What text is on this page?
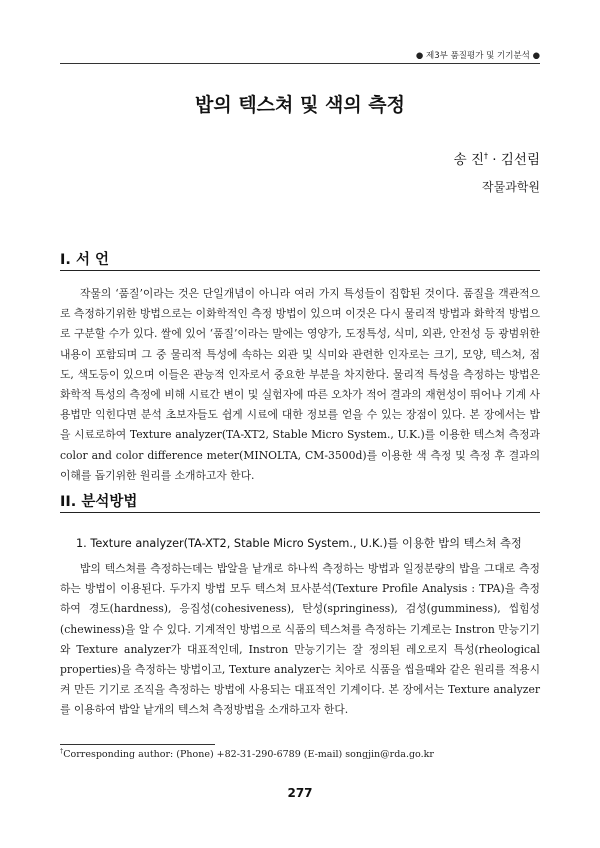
● 제3부 품질평가 및 기기분석 ●
밥의 텍스쳐 및 색의 측정
송 진† · 김선림
작물과학원
I. 서 언
작물의 ‘품질’이라는 것은 단일개념이 아니라 여러 가지 특성들이 집합된 것이다. 품질을 객관적으로 측정하기위한 방법으로는 이화학적인 측정 방법이 있으며 이것은 다시 물리적 방법과 화학적 방법으로 구분할 수가 있다. 쌀에 있어 ‘품질’이라는 말에는 영양가, 도정특성, 식미, 외관, 안전성 등 광범위한 내용이 포함되며 그 중 물리적 특성에 속하는 외관 및 식미와 관련한 인자로는 크기, 모양, 텍스쳐, 점도, 색도등이 있으며 이들은 관능적 인자로서 중요한 부분을 차지한다. 물리적 특성을 측정하는 방법은 화학적 특성의 측정에 비해 시료간 변이 및 실험자에 따른 오차가 적어 결과의 재현성이 뛰어나 기계 사용법만 익힌다면 분석 초보자들도 쉽게 시료에 대한 정보를 얻을 수 있는 장점이 있다. 본 장에서는 밥을 시료로하여 Texture analyzer(TA-XT2, Stable Micro System., U.K.)를 이용한 텍스쳐 측정과 color and color difference meter(MINOLTA, CM-3500d)를 이용한 색 측정 및 측정 후 결과의 이해를 돕기위한 원리를 소개하고자 한다.
II. 분석방법
1. Texture analyzer(TA-XT2, Stable Micro System., U.K.)를 이용한 밥의 텍스쳐 측정
밥의 텍스쳐를 측정하는데는 밥알을 낱개로 하나씩 측정하는 방법과 일정분량의 밥을 그대로 측정하는 방법이 이용된다. 두가지 방법 모두 텍스쳐 묘사분석(Texture Profile Analysis : TPA)을 측정하여 경도(hardness), 응집성(cohesiveness), 탄성(springiness), 검성(gumminess), 씹힘성(chewiness)을 알 수 있다. 기계적인 방법으로 식품의 텍스쳐를 측정하는 기계로는 Instron 만능기기와 Texture analyzer가 대표적인데, Instron 만능기기는 잘 정의된 레오로지 특성(rheological properties)을 측정하는 방법이고, Texture analyzer는 치아로 식품을 씹을때와 같은 원리를 적용시켜 만든 기기로 조직을 측정하는 방법에 사용되는 대표적인 기계이다. 본 장에서는 Texture analyzer를 이용하여 밥알 낱개의 텍스쳐 측정방법을 소개하고자 한다.
†Corresponding author: (Phone) +82-31-290-6789 (E-mail) songjin@rda.go.kr
277
